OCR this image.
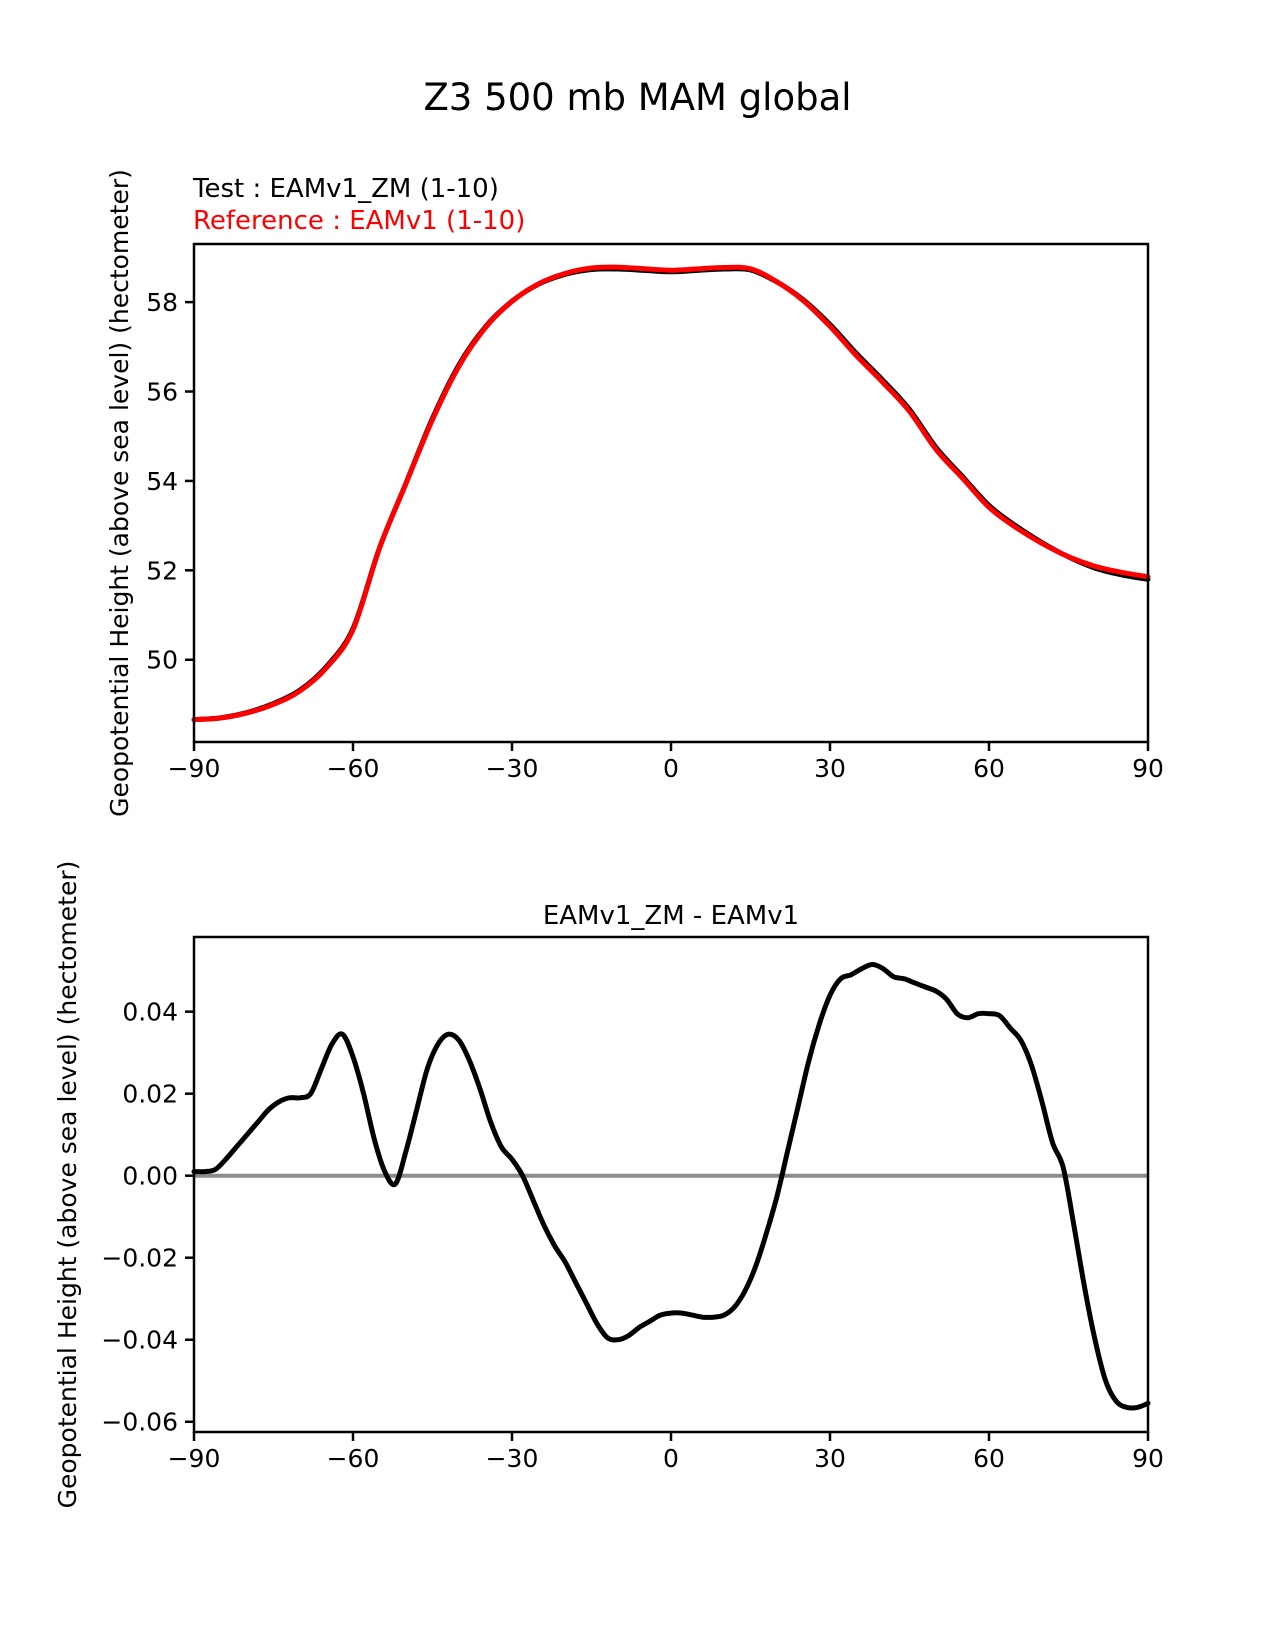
Z3 500 mb MAM global
Test : EAMv1_ZM (1-10)
Reference : EAMv1 (1-10)
EAMv1_ZM - EAMv1
−90	−60	−30	0	30	60	90
50
52
54
56
58
Geopotential Height (above sea level) (hectometer)
−90	−60	−30	0	30	60	90
−0.06
−0.04
−0.02
0.00
0.02
0.04
Geopotential Height (above sea level) (hectometer)
